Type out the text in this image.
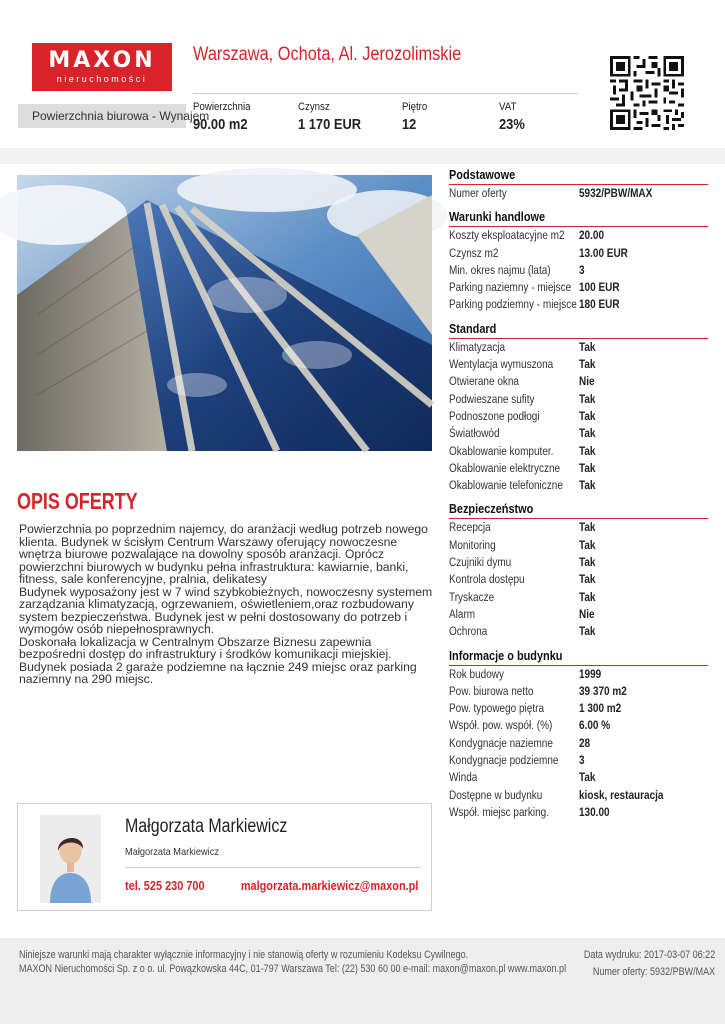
MAXON
nieruchomości
Warszawa, Ochota, Al. Jerozolimskie
Powierzchnia biurowa - Wynajem
Powierzchnia
90.00 m2
Czynsz
1 170 EUR
Piętro
12
VAT
23%
OPIS OFERTY

Powierzchnia po poprzednim najemcy, do aranżacji według potrzeb nowego klienta. Budynek w ścisłym Centrum Warszawy oferujący nowoczesne wnętrza biurowe pozwalające na dowolny sposób aranżacji. Oprócz powierzchni biurowych w budynku pełna infrastruktura: kawiarnie, banki, fitness, sale konferencyjne, pralnia, delikatesy

Budynek wyposażony jest w 7 wind szybkobieżnych, nowoczesny systemem zarządzania klimatyzacją, ogrzewaniem, oświetleniem,oraz rozbudowany system bezpieczeństwa. Budynek jest w pełni dostosowany do potrzeb i wymogów osób niepełnosprawnych.

Doskonała lokalizacja w Centralnym Obszarze Biznesu zapewnia bezpośredni dostęp do infrastruktury i środków komunikacji miejskiej.

Budynek posiada 2 garaże podziemne na łącznie 249 miejsc oraz parking naziemny na 290 miejsc.

Małgorzata Markiewicz
Małgorzata Markiewicz
tel. 525 230 700	malgorzata.markiewicz@maxon.pl
Podstawowe
Numer oferty	5932/PBW/MAX
Warunki handlowe
Koszty eksploatacyjne m2 20.00
Czynsz m2	13.00 EUR
Min. okres najmu (lata) 3
Parking naziemny - miejsce 100 EUR
Parking podziemny - miejsce 180 EUR
Standard
Klimatyzacja	Tak
Wentylacja wymuszona Tak
Otwierane okna	Nie
Podwieszane sufity	Tak
Podnoszone podłogi	Tak
Światłowód	Tak
Okablowanie komputer. Tak
Okablowanie elektryczne Tak
Okablowanie telefoniczne Tak
Bezpieczeństwo
Recepcja	Tak
Monitoring	Tak
Czujniki dymu	Tak
Kontrola dostępu	Tak
Tryskacze	Tak
Alarm	Nie
Ochrona	Tak
Informacje o budynku
Rok budowy	1999
Pow. biurowa netto	39 370 m2
Pow. typowego piętra	1 300 m2
Współ. pow. współ. (%) 6.00 %
Kondygnacje naziemne 28
Kondygnacje podziemne 3
Winda	Tak
Dostępne w budynku	kiosk, restauracja
Współ. miejsc parking. 130.00
Niniejsze warunki mają charakter wyłącznie informacyjny i nie stanowią oferty w rozumieniu Kodeksu Cywilnego.
MAXON Nieruchomości Sp. z o o. ul. Powązkowska 44C, 01-797 Warszawa Tel: (22) 530 60 00 e-mail: maxon@maxon.pl www.maxon.pl
Data wydruku: 2017-03-07 06:22
Numer oferty: 5932/PBW/MAX
